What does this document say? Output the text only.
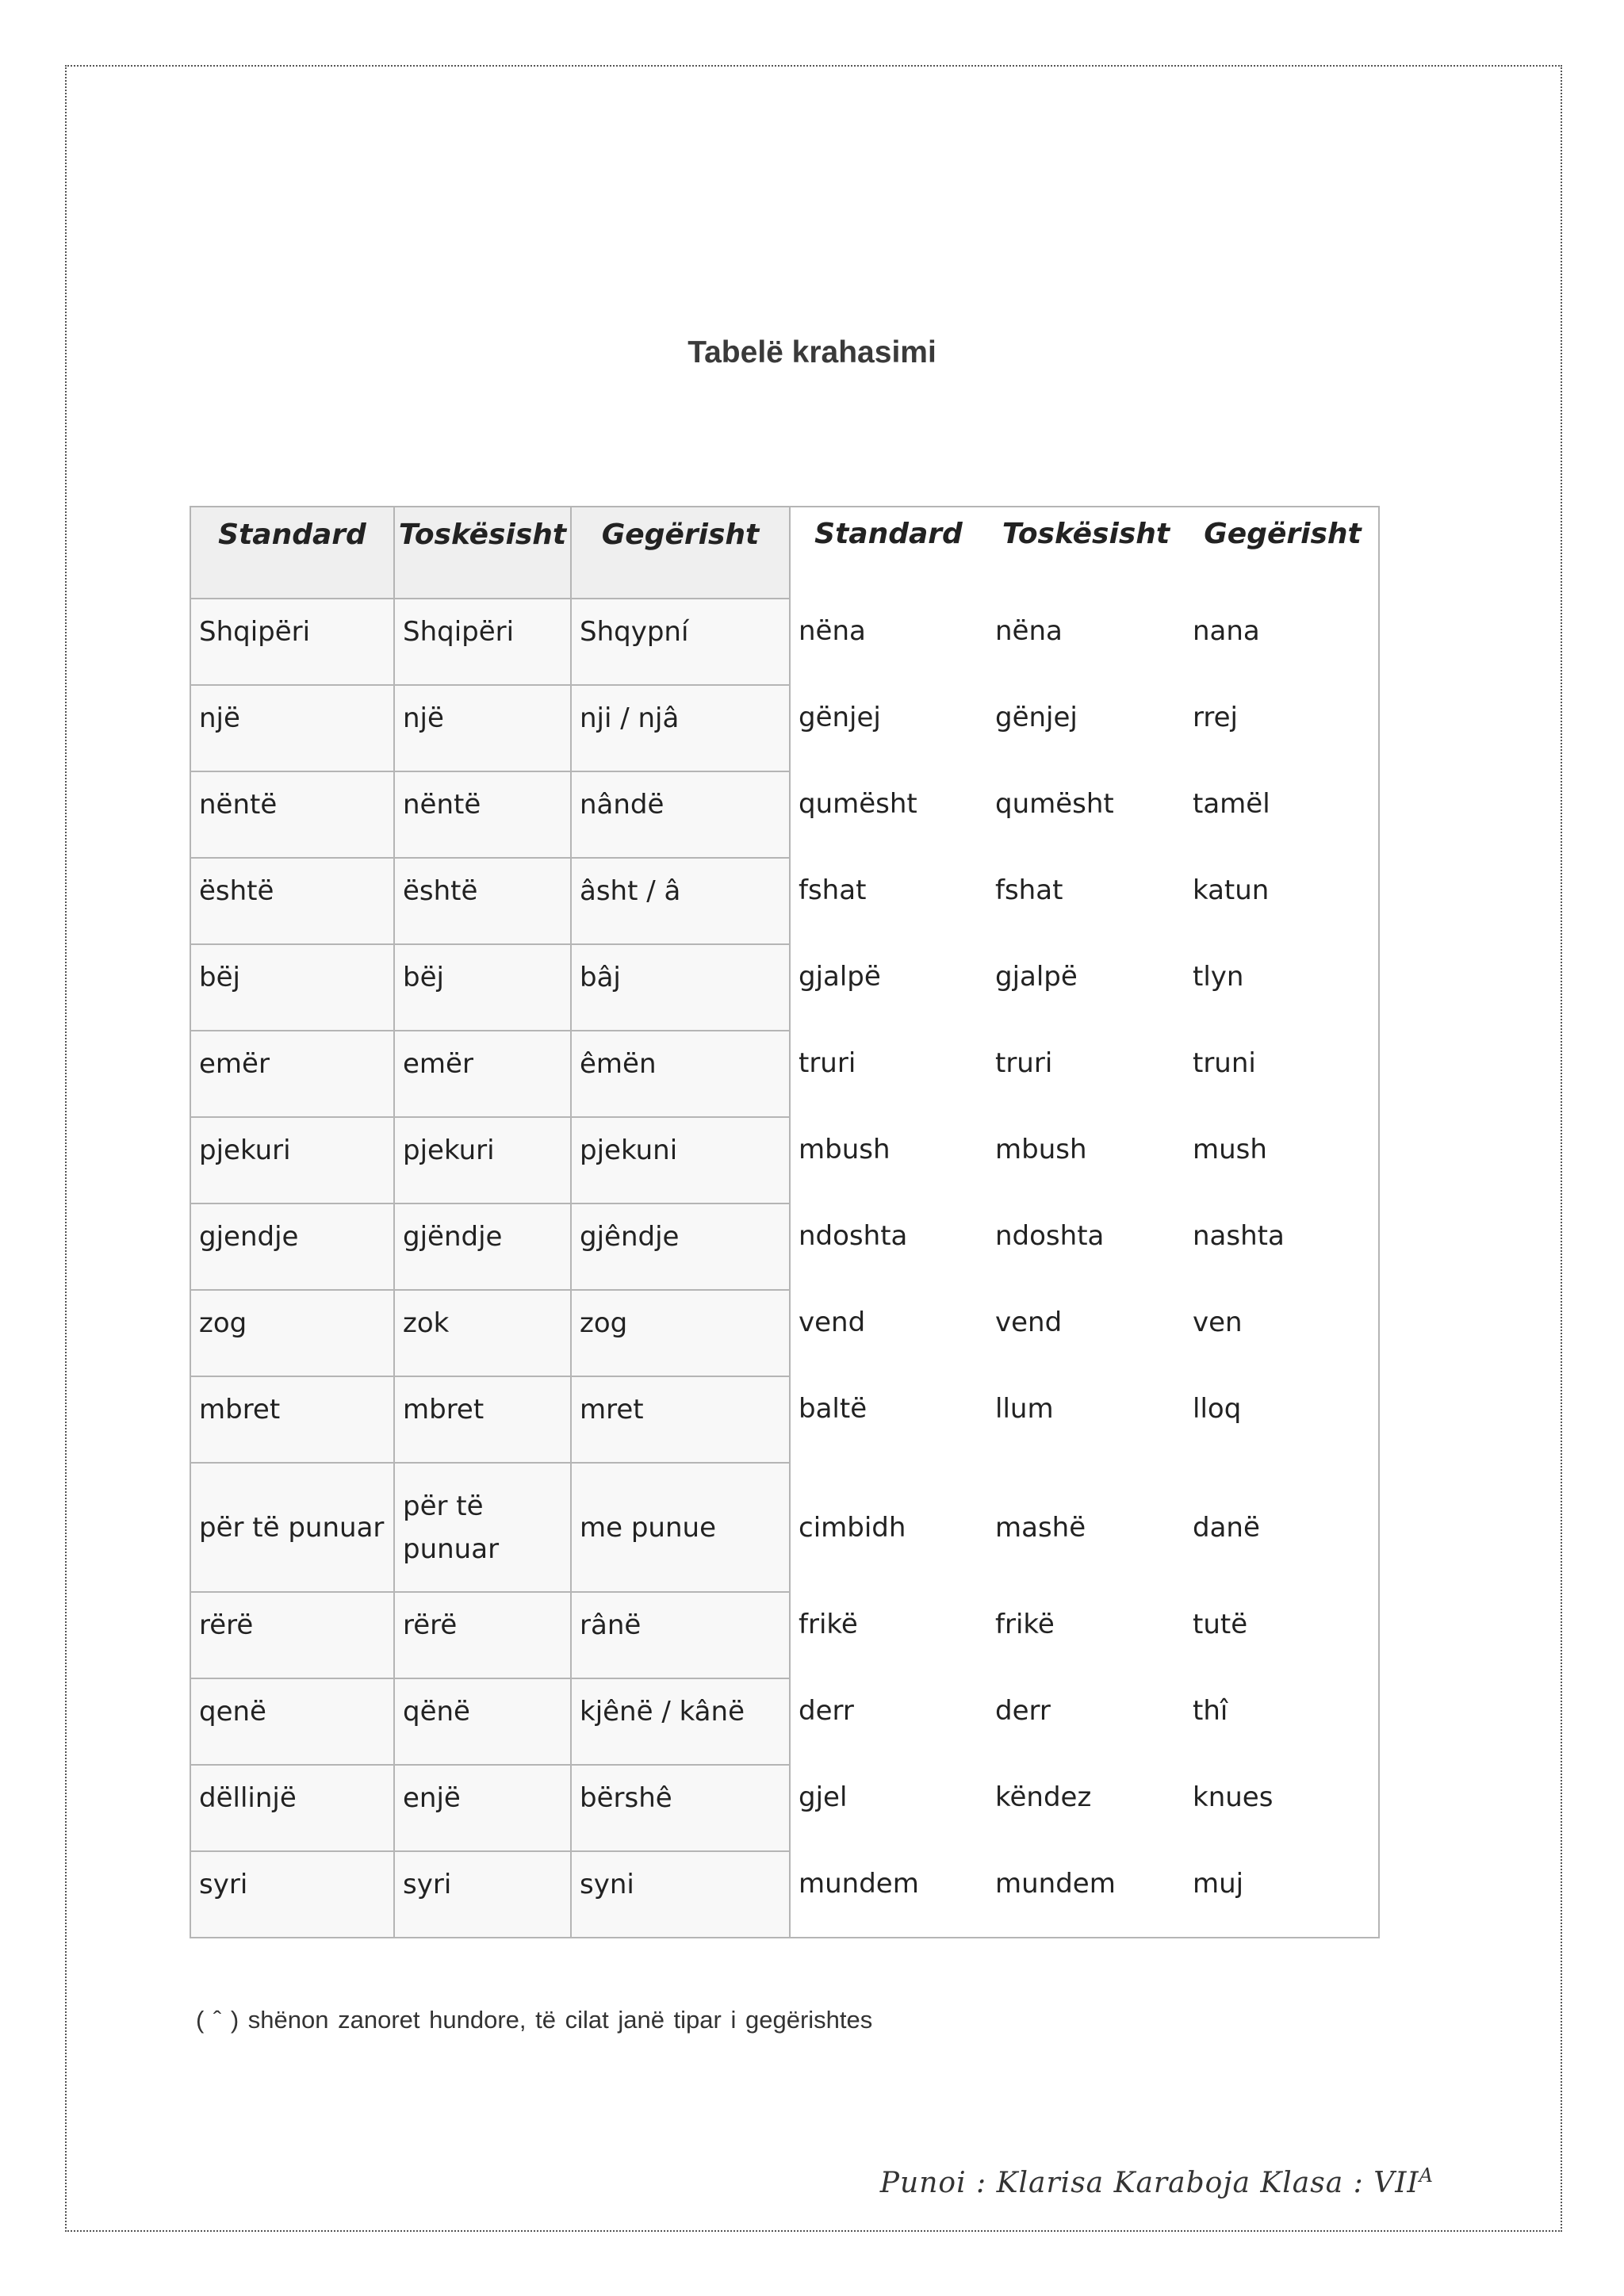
Tabelë krahasimi
Standard	Toskësisht	Gegërisht	Standard	Toskësisht	Gegërisht
Shqipëri	Shqipëri	Shqypní	nëna	nëna	nana
një	një	nji / njâ	gënjej	gënjej	rrej
nëntë	nëntë	nândë	qumësht	qumësht	tamël
është	është	âsht / â	fshat	fshat	katun
bëj	bëj	bâj	gjalpë	gjalpë	tlyn
emër	emër	êmën	truri	truri	truni
pjekuri	pjekuri	pjekuni	mbush	mbush	mush
gjendje	gjëndje	gjêndje	ndoshta	ndoshta	nashta
zog	zok	zog	vend	vend	ven
mbret	mbret	mret	baltë	llum	lloq
për të punuar	për të punuar	me punue	cimbidh	mashë	danë
rërë	rërë	rânë	frikë	frikë	tutë
qenë	qënë	kjênë / kânë	derr	derr	thî
dëllinjë	enjë	bërshê	gjel	këndez	knues
syri	syri	syni	mundem	mundem	muj
( ˆ ) shënon zanoret hundore, të cilat janë tipar i gegërishtes
Punoi : Klarisa Karaboja Klasa : $VII^A$
